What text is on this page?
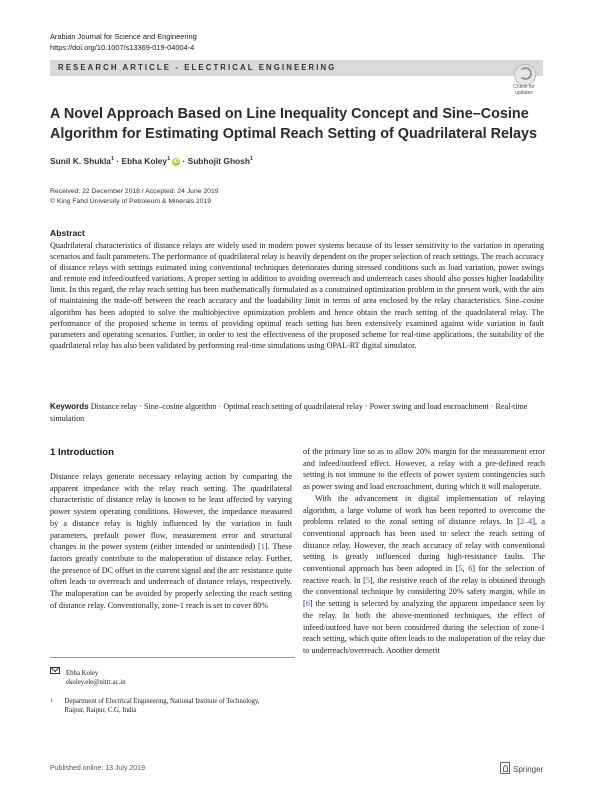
Arabian Journal for Science and Engineering
https://doi.org/10.1007/s13369-019-04004-4
RESEARCH ARTICLE - ELECTRICAL ENGINEERING
Check for
updates
A Novel Approach Based on Line Inequality Concept and Sine–Cosine Algorithm for Estimating Optimal Reach Setting of Quadrilateral Relays
Sunil K. Shukla$^1$ · Ebha Koley$^1$ iD · Subhojit Ghosh$^1$
Received: 22 December 2018 / Accepted: 24 June 2019
© King Fahd University of Petroleum & Minerals 2019
Abstract
Quadrilateral characteristics of distance relays are widely used in modern power systems because of its lesser sensitivity to the variation in operating scenarios and fault parameters. The performance of quadrilateral relay is heavily dependent on the proper selection of reach settings. The reach accuracy of distance relays with settings estimated using conventional techniques deteriorates during stressed conditions such as load variation, power swings and remote end infeed/outfeed variations. A proper setting in addition to avoiding overreach and underreach cases should also posses higher loadability limit. In this regard, the relay reach setting has been mathematically formulated as a constrained optimization problem in the present work, with the aim of maintaining the trade-off between the reach accuracy and the loadability limit in terms of area enclosed by the relay characteristics. Sine–cosine algorithm has been adopted to solve the multiobjective optimization problem and hence obtain the reach setting of the quadrilateral relay. The performance of the proposed scheme in terms of providing optimal reach setting has been extensively examined against wide variation in fault parameters and operating scenarios. Further, in order to test the effectiveness of the proposed scheme for real-time applications, the suitability of the quadrilateral relay has also been validated by performing real-time simulations using OPAL-RT digital simulator.
Keywords Distance relay · Sine–cosine algorithm · Optimal reach setting of quadrilateral relay · Power swing and load encroachment · Real-time simulation
1 Introduction

Distance relays generate necessary relaying action by comparing the apparent impedance with the relay reach setting. The quadrilateral characteristic of distance relay is known to be least affected by varying power system operating conditions. However, the impedance measured by a distance relay is highly influenced by the variation in fault parameters, prefault power flow, measurement error and structural changes in the power system (either intended or unintended) [1]. These factors greatly contribute to the maloperation of distance relay. Further, the presence of DC offset in the current signal and the arc resistance quite often leads to overreach and underreach of distance relays, respectively. The maloperation can be avoided by properly selecting the reach setting of distance relay. Conventionally, zone-1 reach is set to cover 80%

of the primary line so as to allow 20% margin for the measurement error and infeed/outfeed effect. However, a relay with a pre-defined reach setting is not immune to the effects of power system contingencies such as power swing and load encroachment, during which it will maloperate.

With the advancement in digital implementation of relaying algorithm, a large volume of work has been reported to overcome the problems related to the zonal setting of distance relays. In [2–4], a conventional approach has been used to select the reach setting of distance relay. However, the reach accuracy of relay with conventional setting is greatly influenced during high-resistance faults. The conventional approach has been adopted in [5, 6] for the selection of reactive reach. In [5], the resistive reach of the relay is obtained through the conventional technique by considering 20% safety margin, while in [6] the setting is selected by analyzing the apparent impedance seen by the relay. In both the above-mentioned techniques, the effect of infeed/outfeed have not been considered during the selection of zone-1 reach setting, which quite often leads to the maloperation of the relay due to underreach/overreach. Another demerit

Ebha Koley
ekoley.ele@nitrr.ac.in
$^1$ Department of Electrical Engineering, National Institute of Technology, Raipur, Raipur, C.G, India
Published online: 13 July 2019	Springer
